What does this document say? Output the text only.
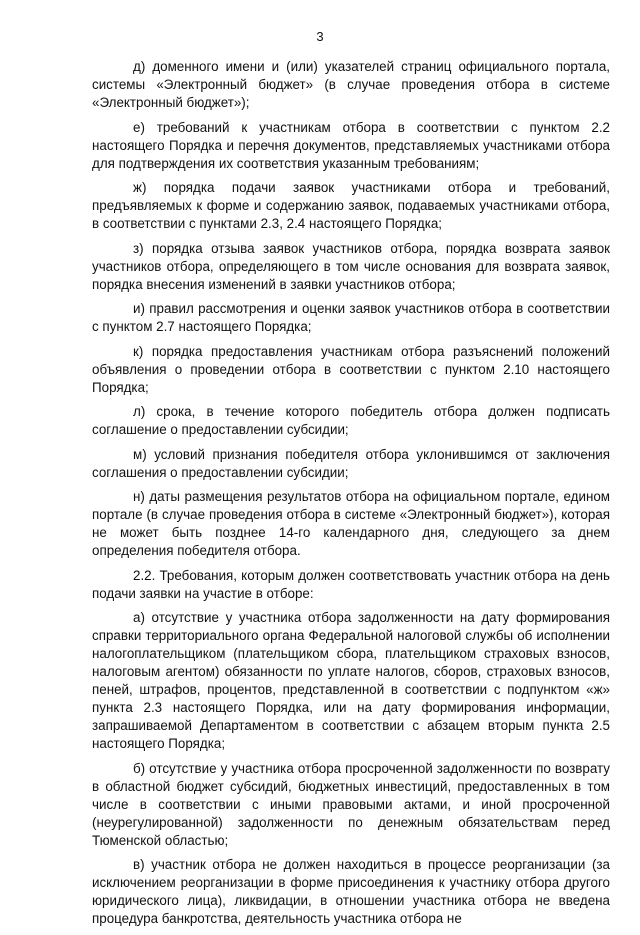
3

д) доменного имени и (или) указателей страниц официального портала, системы «Электронный бюджет» (в случае проведения отбора в системе «Электронный бюджет»);

е) требований к участникам отбора в соответствии с пунктом 2.2 настоящего Порядка и перечня документов, представляемых участниками отбора для подтверждения их соответствия указанным требованиям;

ж) порядка подачи заявок участниками отбора и требований, предъявляемых к форме и содержанию заявок, подаваемых участниками отбора, в соответствии с пунктами 2.3, 2.4 настоящего Порядка;

з) порядка отзыва заявок участников отбора, порядка возврата заявок участников отбора, определяющего в том числе основания для возврата заявок, порядка внесения изменений в заявки участников отбора;

и) правил рассмотрения и оценки заявок участников отбора в соответствии с пунктом 2.7 настоящего Порядка;

к) порядка предоставления участникам отбора разъяснений положений объявления о проведении отбора в соответствии с пунктом 2.10 настоящего Порядка;

л) срока, в течение которого победитель отбора должен подписать соглашение о предоставлении субсидии;

м) условий признания победителя отбора уклонившимся от заключения соглашения о предоставлении субсидии;

н) даты размещения результатов отбора на официальном портале, едином портале (в случае проведения отбора в системе «Электронный бюджет»), которая не может быть позднее 14-го календарного дня, следующего за днем определения победителя отбора.

2.2. Требования, которым должен соответствовать участник отбора на день подачи заявки на участие в отборе:

а) отсутствие у участника отбора задолженности на дату формирования справки территориального органа Федеральной налоговой службы об исполнении налогоплательщиком (плательщиком сбора, плательщиком страховых взносов, налоговым агентом) обязанности по уплате налогов, сборов, страховых взносов, пеней, штрафов, процентов, представленной в соответствии с подпунктом «ж» пункта 2.3 настоящего Порядка, или на дату формирования информации, запрашиваемой Департаментом в соответствии с абзацем вторым пункта 2.5 настоящего Порядка;

б) отсутствие у участника отбора просроченной задолженности по возврату в областной бюджет субсидий, бюджетных инвестиций, предоставленных в том числе в соответствии с иными правовыми актами, и иной просроченной (неурегулированной) задолженности по денежным обязательствам перед Тюменской областью;

в) участник отбора не должен находиться в процессе реорганизации (за исключением реорганизации в форме присоединения к участнику отбора другого юридического лица), ликвидации, в отношении участника отбора не введена процедура банкротства, деятельность участника отбора не
